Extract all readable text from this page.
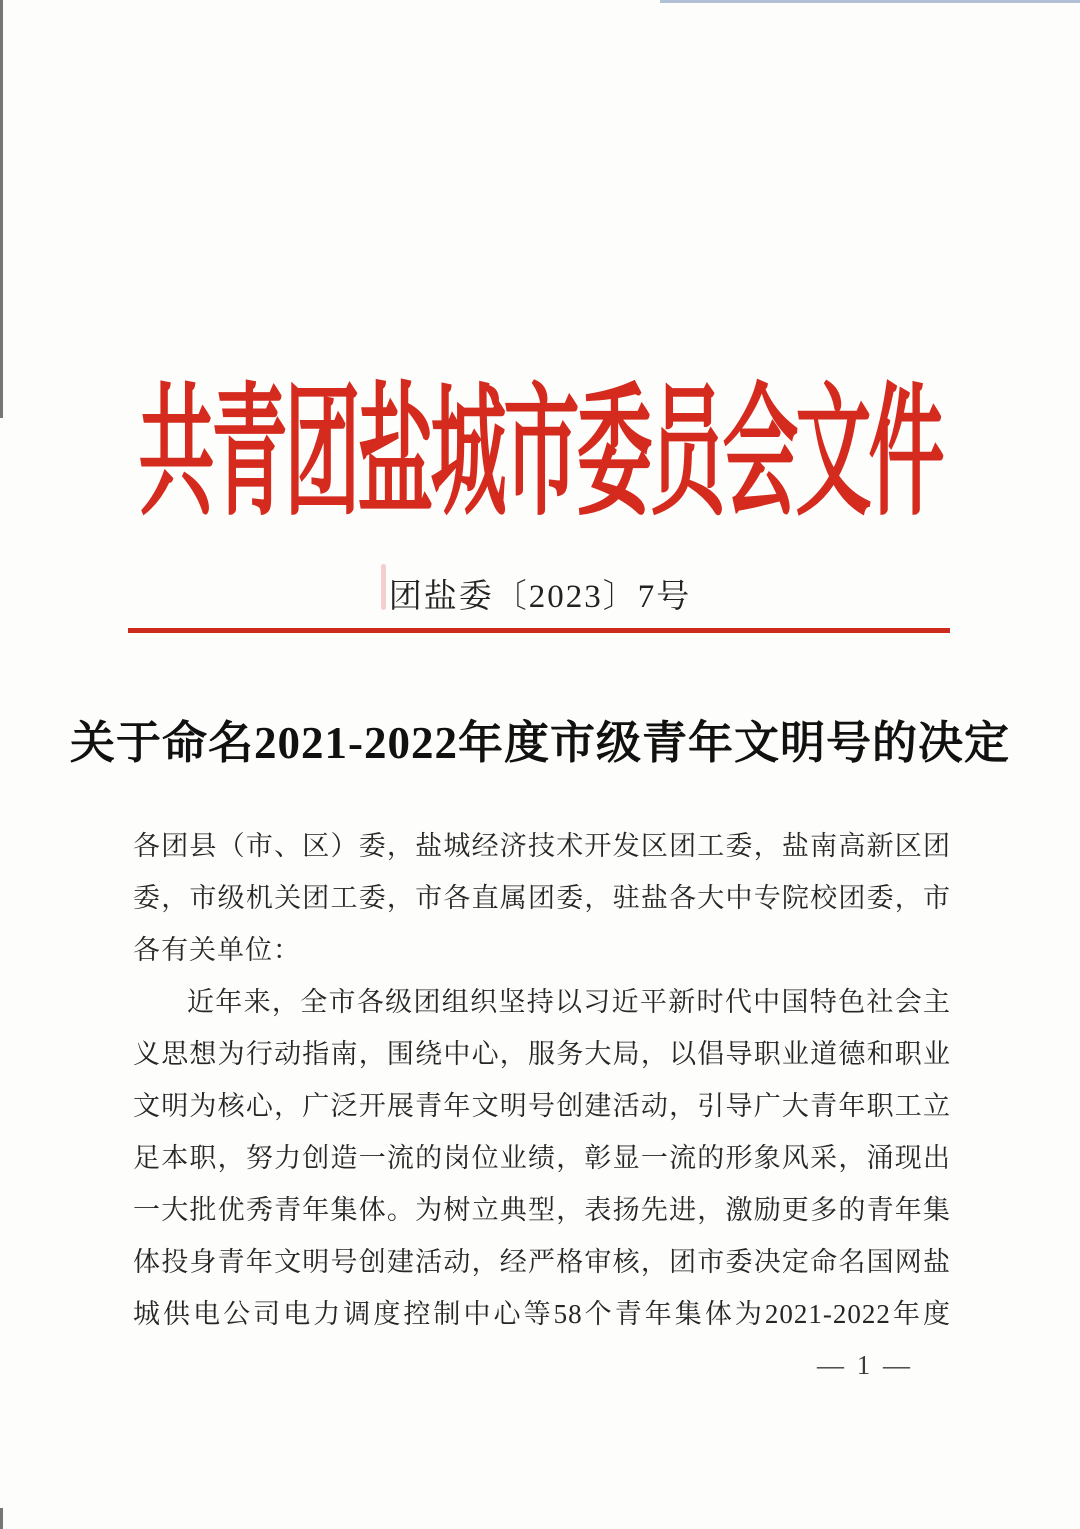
共青团盐城市委员会文件
团盐委〔2023〕7号
关于命名2021-2022年度市级青年文明号的决定
各团县（市、区）委，盐城经济技术开发区团工委，盐南高新区团
委，市级机关团工委，市各直属团委，驻盐各大中专院校团委，市
各有关单位：
近年来，全市各级团组织坚持以习近平新时代中国特色社会主
义思想为行动指南，围绕中心，服务大局，以倡导职业道德和职业
文明为核心，广泛开展青年文明号创建活动，引导广大青年职工立
足本职，努力创造一流的岗位业绩，彰显一流的形象风采，涌现出
一大批优秀青年集体。为树立典型，表扬先进，激励更多的青年集
体投身青年文明号创建活动，经严格审核，团市委决定命名国网盐
城供电公司电力调度控制中心等58个青年集体为2021-2022年度
— 1 —
